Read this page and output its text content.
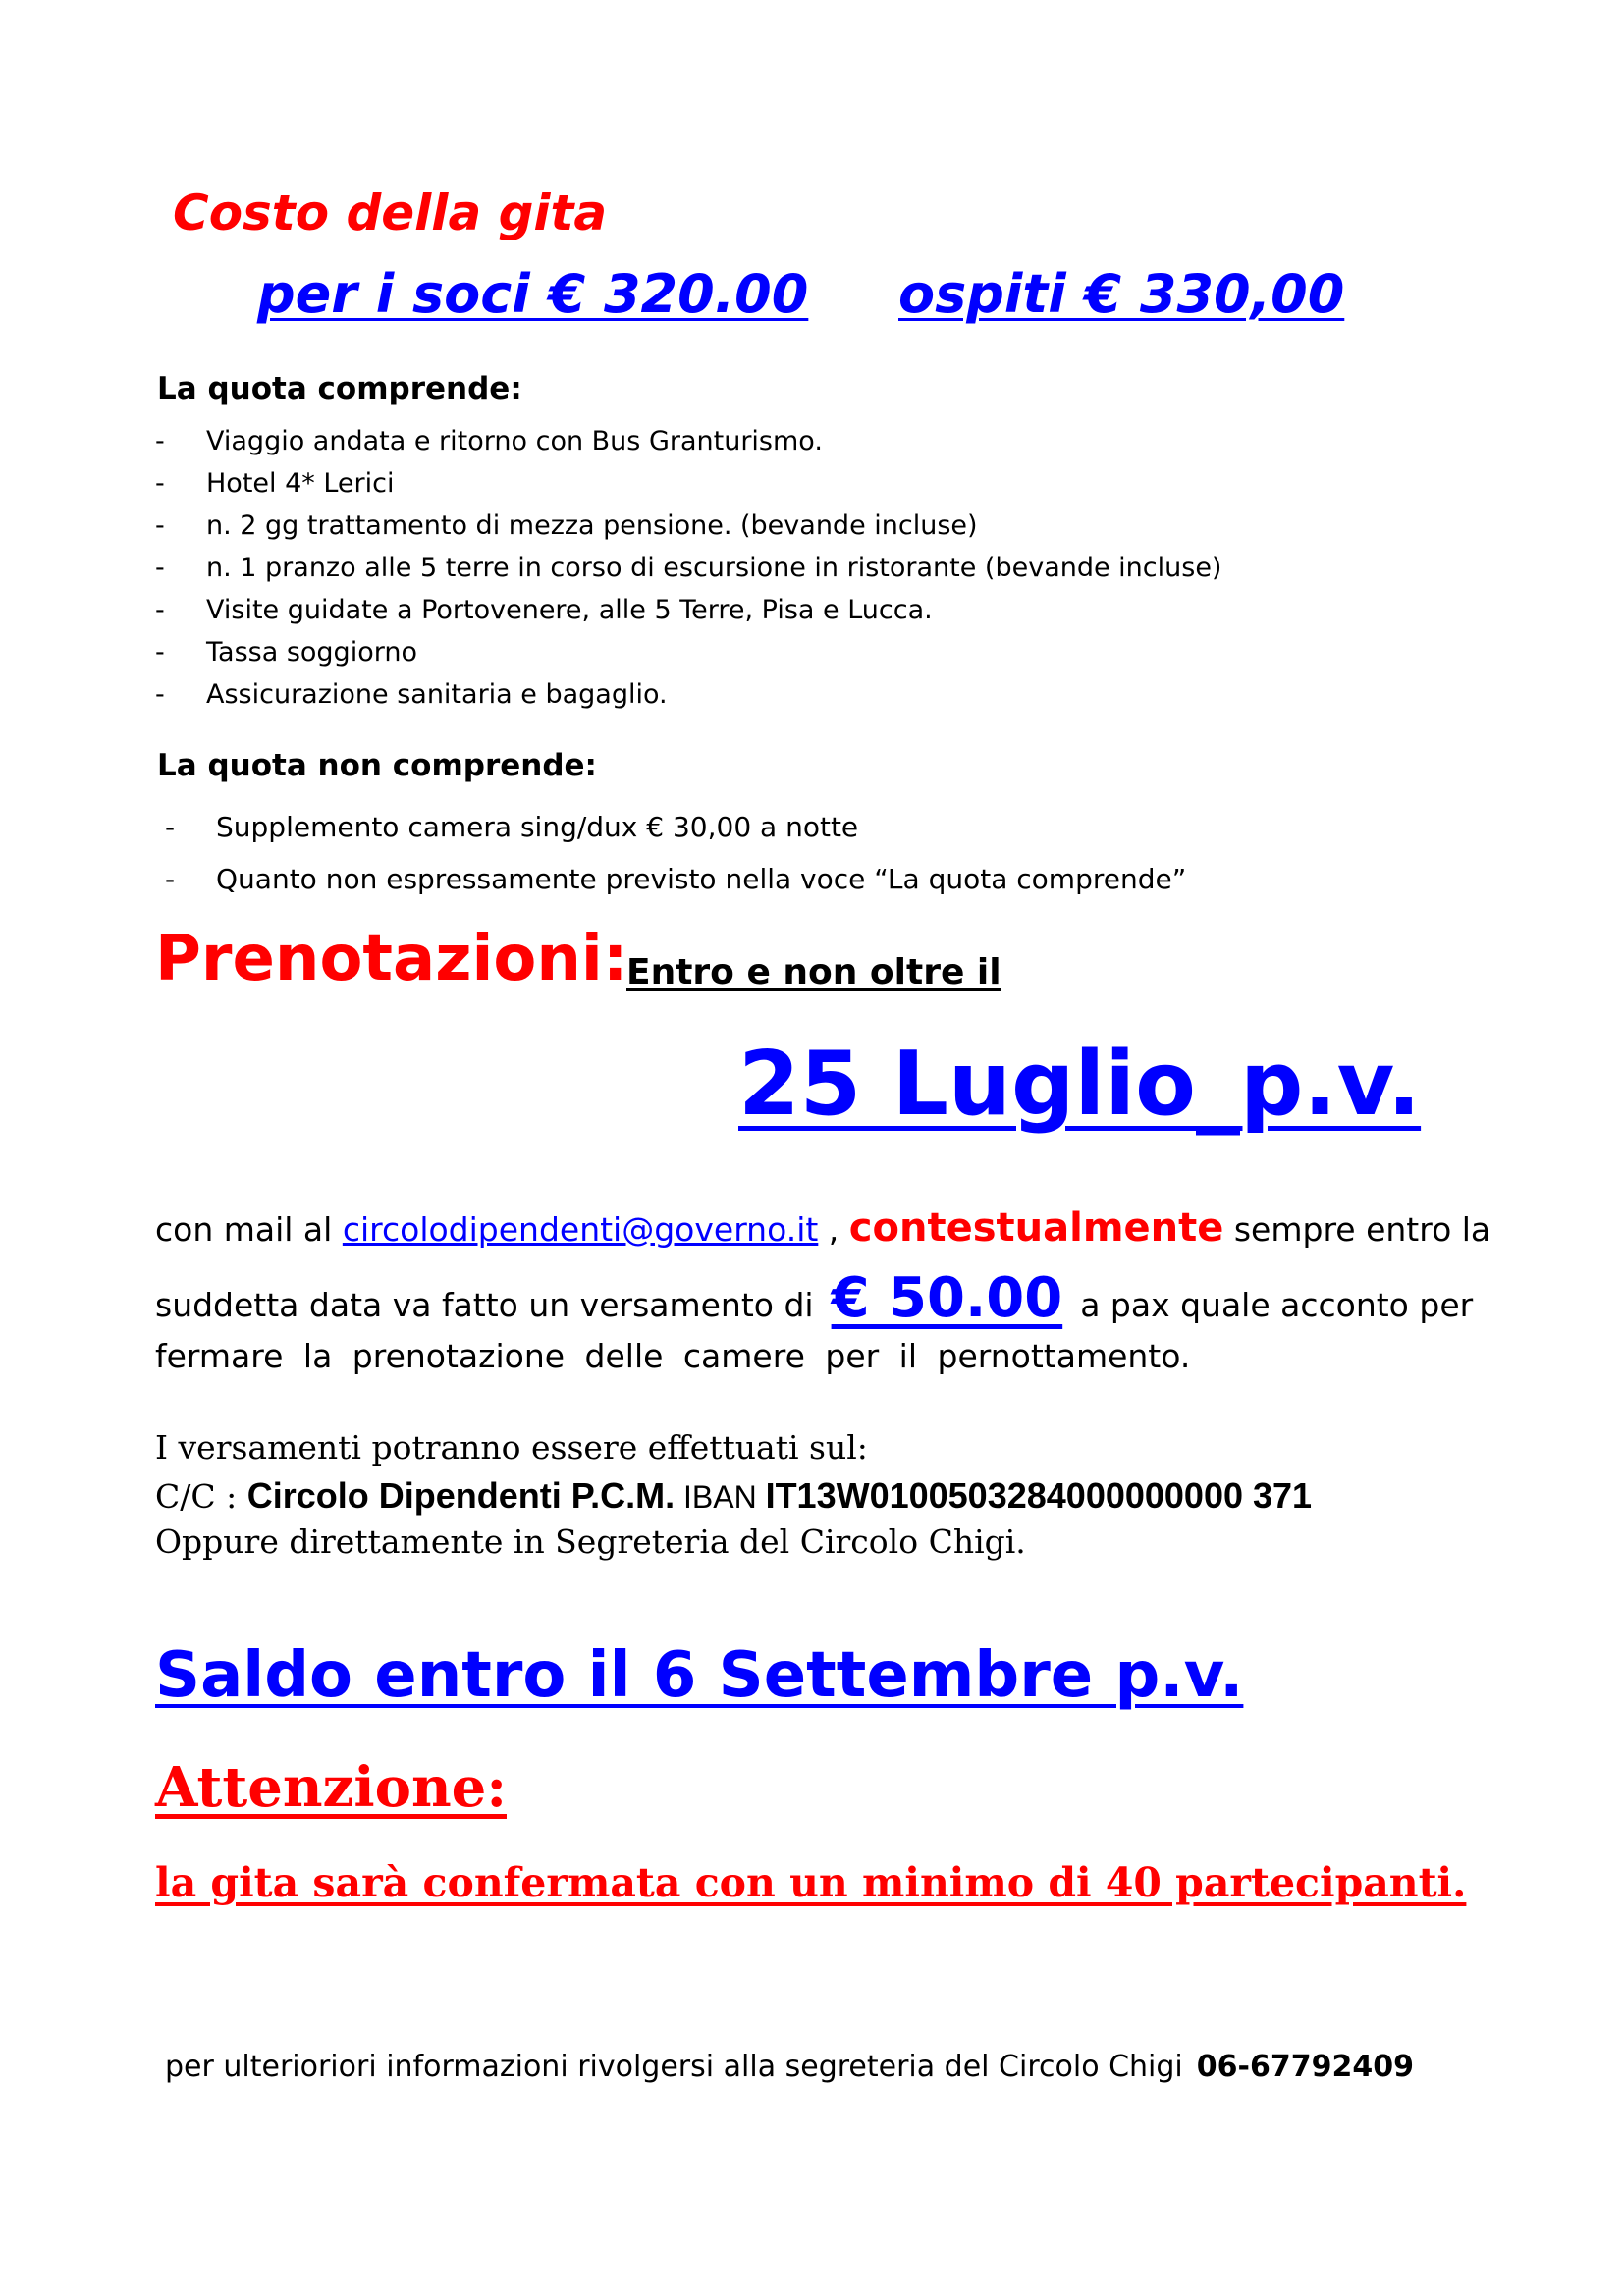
Costo della gita
per i soci € 320.00 ospiti € 330,00
La quota comprende:
- Viaggio andata e ritorno con Bus Granturismo.
- Hotel 4* Lerici
- n. 2 gg trattamento di mezza pensione. (bevande incluse)
- n. 1 pranzo alle 5 terre in corso di escursione in ristorante (bevande incluse)
- Visite guidate a Portovenere, alle 5 Terre, Pisa e Lucca.
- Tassa soggiorno
- Assicurazione sanitaria e bagaglio.
La quota non comprende:
- Supplemento camera sing/dux € 30,00 a notte
- Quanto non espressamente previsto nella voce “La quota comprende”
Prenotazioni:
Entro e non oltre il
25 Luglio_p.v.
con mail al circolodipendenti@governo.it , contestualmente sempre entro la
suddetta data va fatto un versamento di € 50.00 a pax quale acconto per
fermare la prenotazione delle camere per il pernottamento.
I versamenti potranno essere effettuati sul:
C/C : Circolo Dipendenti P.C.M. IBAN IT13W0100503284000000000 371
Oppure direttamente in Segreteria del Circolo Chigi.
Saldo entro il 6 Settembre p.v.
Attenzione:
la gita sarà confermata con un minimo di 40 partecipanti.
per ulterioriori informazioni rivolgersi alla segreteria del Circolo Chigi 06-67792409
